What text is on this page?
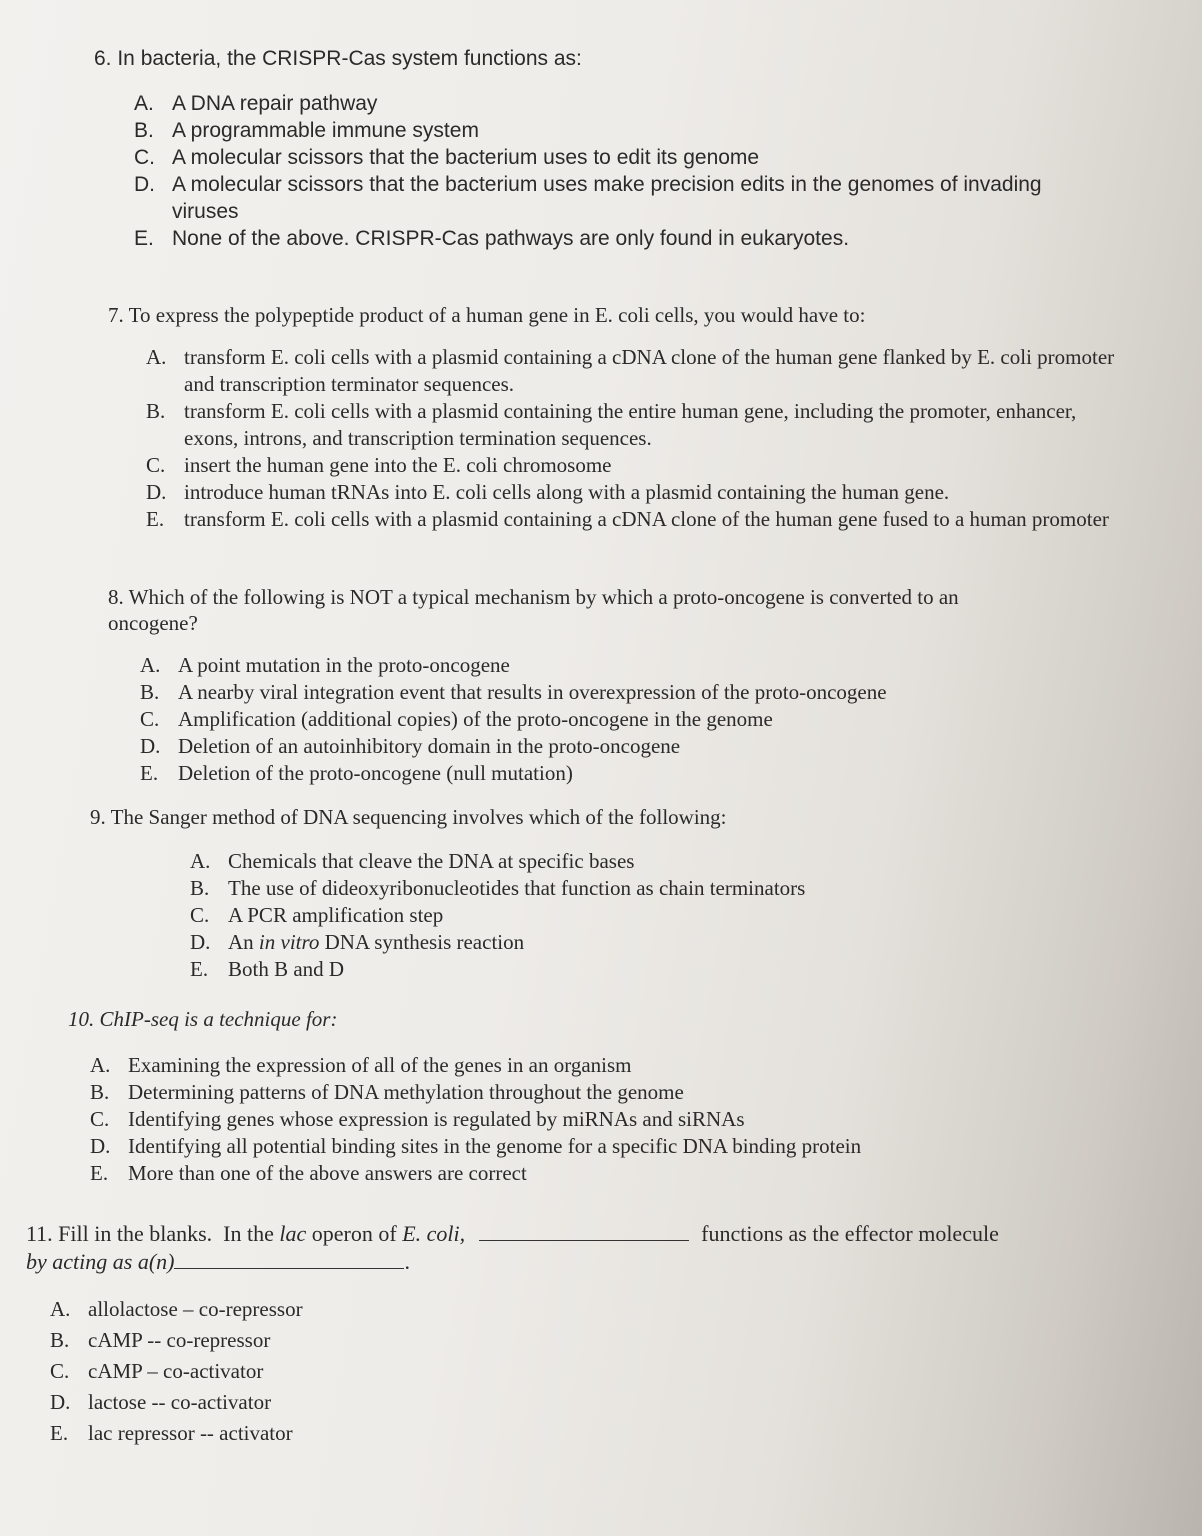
6. In bacteria, the CRISPR-Cas system functions as:
A. A DNA repair pathway
B. A programmable immune system
C. A molecular scissors that the bacterium uses to edit its genome
D. A molecular scissors that the bacterium uses make precision edits in the genomes of invading viruses
E. None of the above. CRISPR-Cas pathways are only found in eukaryotes.
7. To express the polypeptide product of a human gene in E. coli cells, you would have to:
A. transform E. coli cells with a plasmid containing a cDNA clone of the human gene flanked by E. coli promoter and transcription terminator sequences.
B. transform E. coli cells with a plasmid containing the entire human gene, including the promoter, enhancer, exons, introns, and transcription termination sequences.
C. insert the human gene into the E. coli chromosome
D. introduce human tRNAs into E. coli cells along with a plasmid containing the human gene.
E. transform E. coli cells with a plasmid containing a cDNA clone of the human gene fused to a human promoter
8. Which of the following is NOT a typical mechanism by which a proto-oncogene is converted to an oncogene?
A. A point mutation in the proto-oncogene
B. A nearby viral integration event that results in overexpression of the proto-oncogene
C. Amplification (additional copies) of the proto-oncogene in the genome
D. Deletion of an autoinhibitory domain in the proto-oncogene
E. Deletion of the proto-oncogene (null mutation)
9. The Sanger method of DNA sequencing involves which of the following:
A. Chemicals that cleave the DNA at specific bases
B. The use of dideoxyribonucleotides that function as chain terminators
C. A PCR amplification step
D. An in vitro DNA synthesis reaction
E. Both B and D
10. ChIP-seq is a technique for:
A. Examining the expression of all of the genes in an organism
B. Determining patterns of DNA methylation throughout the genome
C. Identifying genes whose expression is regulated by miRNAs and siRNAs
D. Identifying all potential binding sites in the genome for a specific DNA binding protein
E. More than one of the above answers are correct
11. Fill in the blanks.  In the lac operon of E. coli,	functions as the effector molecule
by acting as a(n)	.
A. allolactose – co-repressor
B. cAMP -- co-repressor
C. cAMP – co-activator
D. lactose -- co-activator
E. lac repressor -- activator
